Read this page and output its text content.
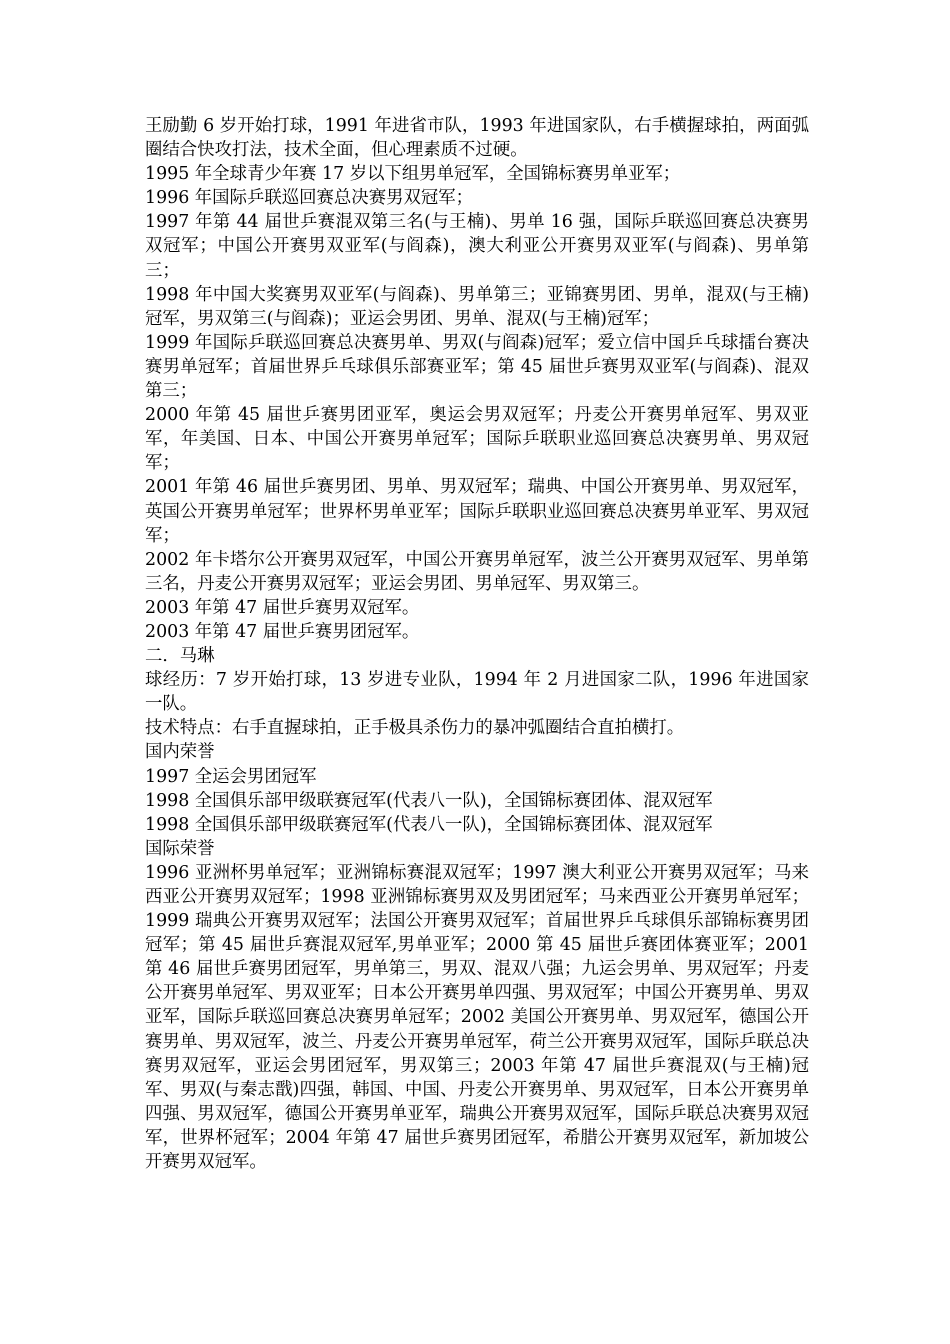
王励勤 6 岁开始打球，1991 年进省市队，1993 年进国家队，右手横握球拍，两面弧圈结合快攻打法，技术全面，但心理素质不过硬。

1995 年全球青少年赛 17 岁以下组男单冠军，全国锦标赛男单亚军；

1996 年国际乒联巡回赛总决赛男双冠军；

1997 年第 44 届世乒赛混双第三名(与王楠)、男单 16 强，国际乒联巡回赛总决赛男双冠军；中国公开赛男双亚军(与阎森)，澳大利亚公开赛男双亚军(与阎森)、男单第三；

1998 年中国大奖赛男双亚军(与阎森)、男单第三；亚锦赛男团、男单，混双(与王楠)冠军，男双第三(与阎森)；亚运会男团、男单、混双(与王楠)冠军；

1999 年国际乒联巡回赛总决赛男单、男双(与阎森)冠军；爱立信中国乒乓球擂台赛决赛男单冠军；首届世界乒乓球俱乐部赛亚军；第 45 届世乒赛男双亚军(与阎森)、混双第三；

2000 年第 45 届世乒赛男团亚军，奥运会男双冠军；丹麦公开赛男单冠军、男双亚军，年美国、日本、中国公开赛男单冠军；国际乒联职业巡回赛总决赛男单、男双冠军；

2001 年第 46 届世乒赛男团、男单、男双冠军；瑞典、中国公开赛男单、男双冠军，英国公开赛男单冠军；世界杯男单亚军；国际乒联职业巡回赛总决赛男单亚军、男双冠军；

2002 年卡塔尔公开赛男双冠军，中国公开赛男单冠军，波兰公开赛男双冠军、男单第三名，丹麦公开赛男双冠军；亚运会男团、男单冠军、男双第三。

2003 年第 47 届世乒赛男双冠军。

2003 年第 47 届世乒赛男团冠军。

二．马琳

球经历：7 岁开始打球，13 岁进专业队，1994 年 2 月进国家二队，1996 年进国家一队。

技术特点：右手直握球拍，正手极具杀伤力的暴冲弧圈结合直拍横打。

国内荣誉

1997 全运会男团冠军

1998 全国俱乐部甲级联赛冠军(代表八一队)，全国锦标赛团体、混双冠军

1998 全国俱乐部甲级联赛冠军(代表八一队)，全国锦标赛团体、混双冠军

国际荣誉

1996 亚洲杯男单冠军；亚洲锦标赛混双冠军；1997 澳大利亚公开赛男双冠军；马来西亚公开赛男双冠军；1998 亚洲锦标赛男双及男团冠军；马来西亚公开赛男单冠军；1999 瑞典公开赛男双冠军；法国公开赛男双冠军；首届世界乒乓球俱乐部锦标赛男团冠军；第 45 届世乒赛混双冠军,男单亚军；2000 第 45 届世乒赛团体赛亚军；2001 第 46 届世乒赛男团冠军，男单第三，男双、混双八强；九运会男单、男双冠军；丹麦公开赛男单冠军、男双亚军；日本公开赛男单四强、男双冠军；中国公开赛男单、男双亚军，国际乒联巡回赛总决赛男单冠军；2002 美国公开赛男单、男双冠军，德国公开赛男单、男双冠军，波兰、丹麦公开赛男单冠军，荷兰公开赛男双冠军，国际乒联总决赛男双冠军，亚运会男团冠军，男双第三；2003 年第 47 届世乒赛混双(与王楠)冠军、男双(与秦志戬)四强，韩国、中国、丹麦公开赛男单、男双冠军，日本公开赛男单四强、男双冠军，德国公开赛男单亚军，瑞典公开赛男双冠军，国际乒联总决赛男双冠军，世界杯冠军；2004 年第 47 届世乒赛男团冠军，希腊公开赛男双冠军，新加坡公开赛男双冠军。
